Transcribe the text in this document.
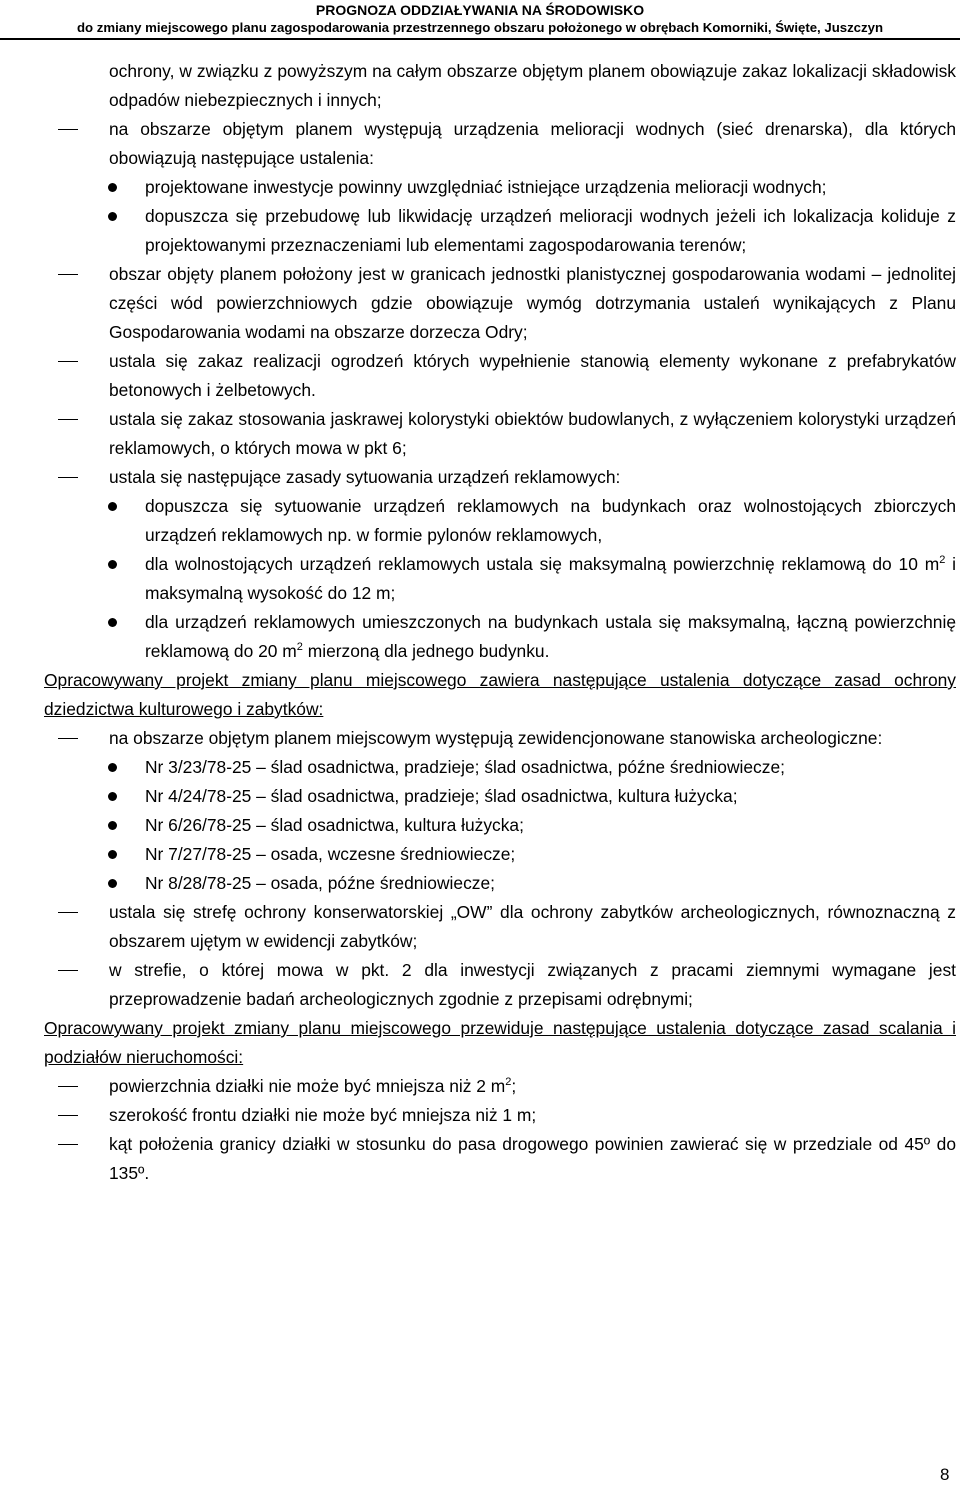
PROGNOZA ODDZIAŁYWANIA NA ŚRODOWISKO
do zmiany miejscowego planu zagospodarowania przestrzennego obszaru położonego w obrębach Komorniki, Święte, Juszczyn

ochrony, w związku z powyższym na całym obszarze objętym planem obowiązuje zakaz lokalizacji składowisk odpadów niebezpiecznych i innych;

na obszarze objętym planem występują urządzenia melioracji wodnych (sieć drenarska), dla których obowiązują następujące ustalenia:
projektowane inwestycje powinny uwzględniać istniejące urządzenia melioracji wodnych;
dopuszcza się przebudowę lub likwidację urządzeń melioracji wodnych jeżeli ich lokalizacja koliduje z projektowanymi przeznaczeniami lub elementami zagospodarowania terenów;
obszar objęty planem położony jest w granicach jednostki planistycznej gospodarowania wodami – jednolitej części wód powierzchniowych gdzie obowiązuje wymóg dotrzymania ustaleń wynikających z Planu Gospodarowania wodami na obszarze dorzecza Odry;
ustala się zakaz realizacji ogrodzeń których wypełnienie stanowią elementy wykonane z prefabrykatów betonowych i żelbetowych.
ustala się zakaz stosowania jaskrawej kolorystyki obiektów budowlanych, z wyłączeniem kolorystyki urządzeń reklamowych, o których mowa w pkt 6;
ustala się następujące zasady sytuowania urządzeń reklamowych:
dopuszcza się sytuowanie urządzeń reklamowych na budynkach oraz wolnostojących zbiorczych urządzeń reklamowych np. w formie pylonów reklamowych,
dla wolnostojących urządzeń reklamowych ustala się maksymalną powierzchnię reklamową do 10 $m^2$ i maksymalną wysokość do 12 m;
dla urządzeń reklamowych umieszczonych na budynkach ustala się maksymalną, łączną powierzchnię reklamową do 20 $m^2$ mierzoną dla jednego budynku.

Opracowywany projekt zmiany planu miejscowego zawiera następujące ustalenia dotyczące zasad ochrony dziedzictwa kulturowego i zabytków:

na obszarze objętym planem miejscowym występują zewidencjonowane stanowiska archeologiczne:
Nr 3/23/78-25 – ślad osadnictwa, pradzieje; ślad osadnictwa, późne średniowiecze;
Nr 4/24/78-25 – ślad osadnictwa, pradzieje; ślad osadnictwa, kultura łużycka;
Nr 6/26/78-25 – ślad osadnictwa, kultura łużycka;
Nr 7/27/78-25 – osada, wczesne średniowiecze;
Nr 8/28/78-25 – osada, późne średniowiecze;
ustala się strefę ochrony konserwatorskiej „OW” dla ochrony zabytków archeologicznych, równoznaczną z obszarem ujętym w ewidencji zabytków;
w strefie, o której mowa w pkt. 2 dla inwestycji związanych z pracami ziemnymi wymagane jest przeprowadzenie badań archeologicznych zgodnie z przepisami odrębnymi;

Opracowywany projekt zmiany planu miejscowego przewiduje następujące ustalenia dotyczące zasad scalania i podziałów nieruchomości:

powierzchnia działki nie może być mniejsza niż 2 $m^2$;
szerokość frontu działki nie może być mniejsza niż 1 m;
kąt położenia granicy działki w stosunku do pasa drogowego powinien zawierać się w przedziale od 45º do 135º.
8
